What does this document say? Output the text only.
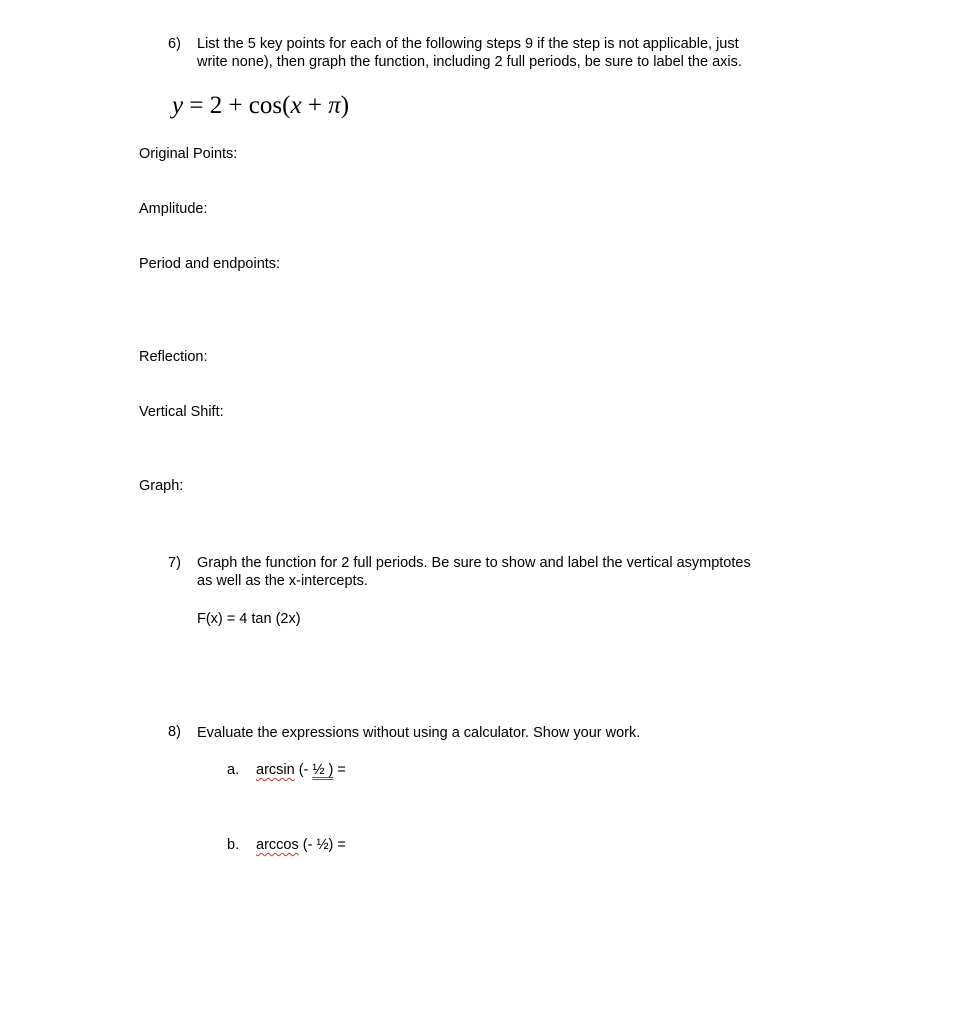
6) List the 5 key points for each of the following steps 9 if the step is not applicable, just
write none), then graph the function, including 2 full periods, be sure to label the axis.
y = 2 + cos(x + π)
Original Points:
Amplitude:
Period and endpoints:
Reflection:
Vertical Shift:
Graph:
7) Graph the function for 2 full periods. Be sure to show and label the vertical asymptotes
as well as the x-intercepts.
F(x) = 4 tan (2x)
8) Evaluate the expressions without using a calculator. Show your work.
a. arcsin (- ½ ) =
b. arccos (- ½) =
